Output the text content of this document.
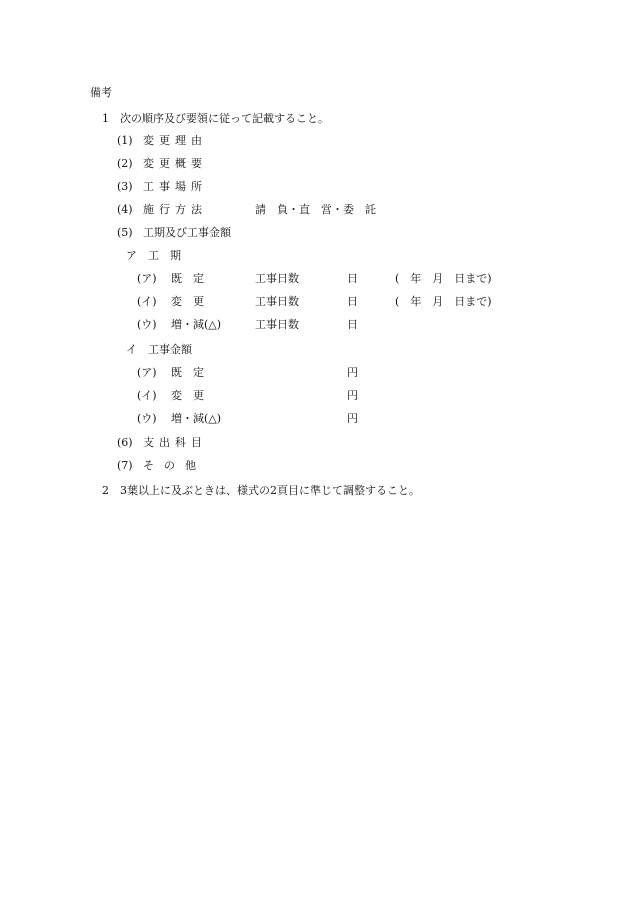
備考
1 次の順序及び要領に従って記載すること。
(1) 変更理由
(2) 変更概要
(3) 工事場所
(4) 施行方法	請　負・直　営・委　託
(5) 工期及び工事金額
ア　工　期
(ア) 既　定	工事日数	日	(　年　月　日まで)
(イ) 変　更	工事日数	日	(　年　月　日まで)
(ウ) 増・減(△)	工事日数	日
イ　工事金額
(ア) 既　定	円
(イ) 変　更	円
(ウ) 増・減(△)	円
(6) 支出科目
(7) その他
2 3葉以上に及ぶときは、様式の2頁目に準じて調整すること。
